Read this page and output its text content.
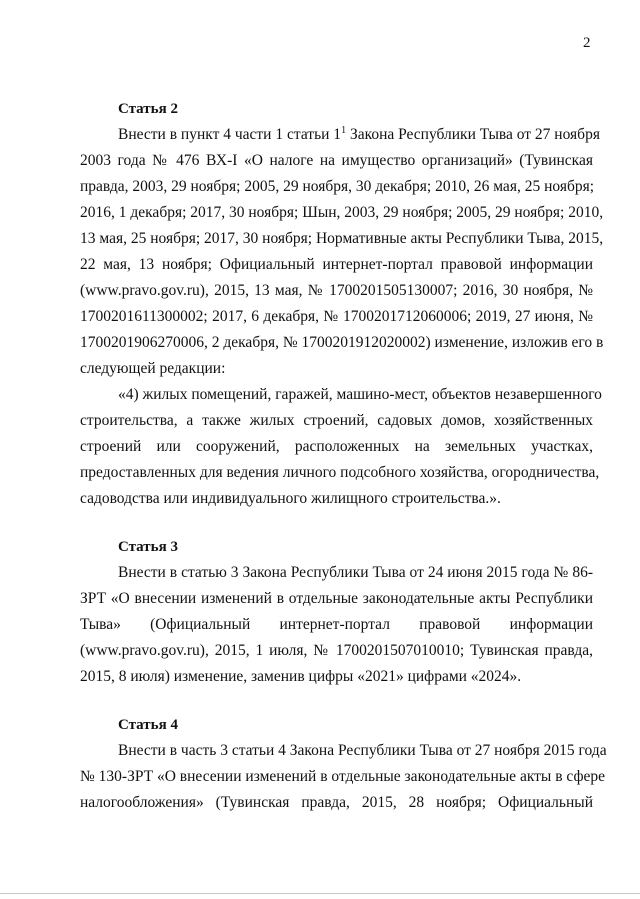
2
Статья 2
Внести в пункт 4 части 1 статьи $1^1$ Закона Республики Тыва от 27 ноября
2003 года № 476 ВХ-I «О налоге на имущество организаций» (Тувинская
правда, 2003, 29 ноября; 2005, 29 ноября, 30 декабря; 2010, 26 мая, 25 ноября;
2016, 1 декабря; 2017, 30 ноября; Шын, 2003, 29 ноября; 2005, 29 ноября; 2010,
13 мая, 25 ноября; 2017, 30 ноября; Нормативные акты Республики Тыва, 2015,
22 мая, 13 ноября; Официальный интернет-портал правовой информации
(www.pravo.gov.ru), 2015, 13 мая, № 1700201505130007; 2016, 30 ноября, №
1700201611300002; 2017, 6 декабря, № 1700201712060006; 2019, 27 июня, №
1700201906270006, 2 декабря, № 1700201912020002) изменение, изложив его в
следующей редакции:
«4) жилых помещений, гаражей, машино-мест, объектов незавершенного
строительства, а также жилых строений, садовых домов, хозяйственных
строений или сооружений, расположенных на земельных участках,
предоставленных для ведения личного подсобного хозяйства, огородничества,
садоводства или индивидуального жилищного строительства.».
Статья 3
Внести в статью 3 Закона Республики Тыва от 24 июня 2015 года № 86-
ЗРТ «О внесении изменений в отдельные законодательные акты Республики
Тыва» (Официальный интернет-портал правовой информации
(www.pravo.gov.ru), 2015, 1 июля, № 1700201507010010; Тувинская правда,
2015, 8 июля) изменение, заменив цифры «2021» цифрами «2024».
Статья 4
Внести в часть 3 статьи 4 Закона Республики Тыва от 27 ноября 2015 года
№ 130-ЗРТ «О внесении изменений в отдельные законодательные акты в сфере
налогообложения» (Тувинская правда, 2015, 28 ноября; Официальный
